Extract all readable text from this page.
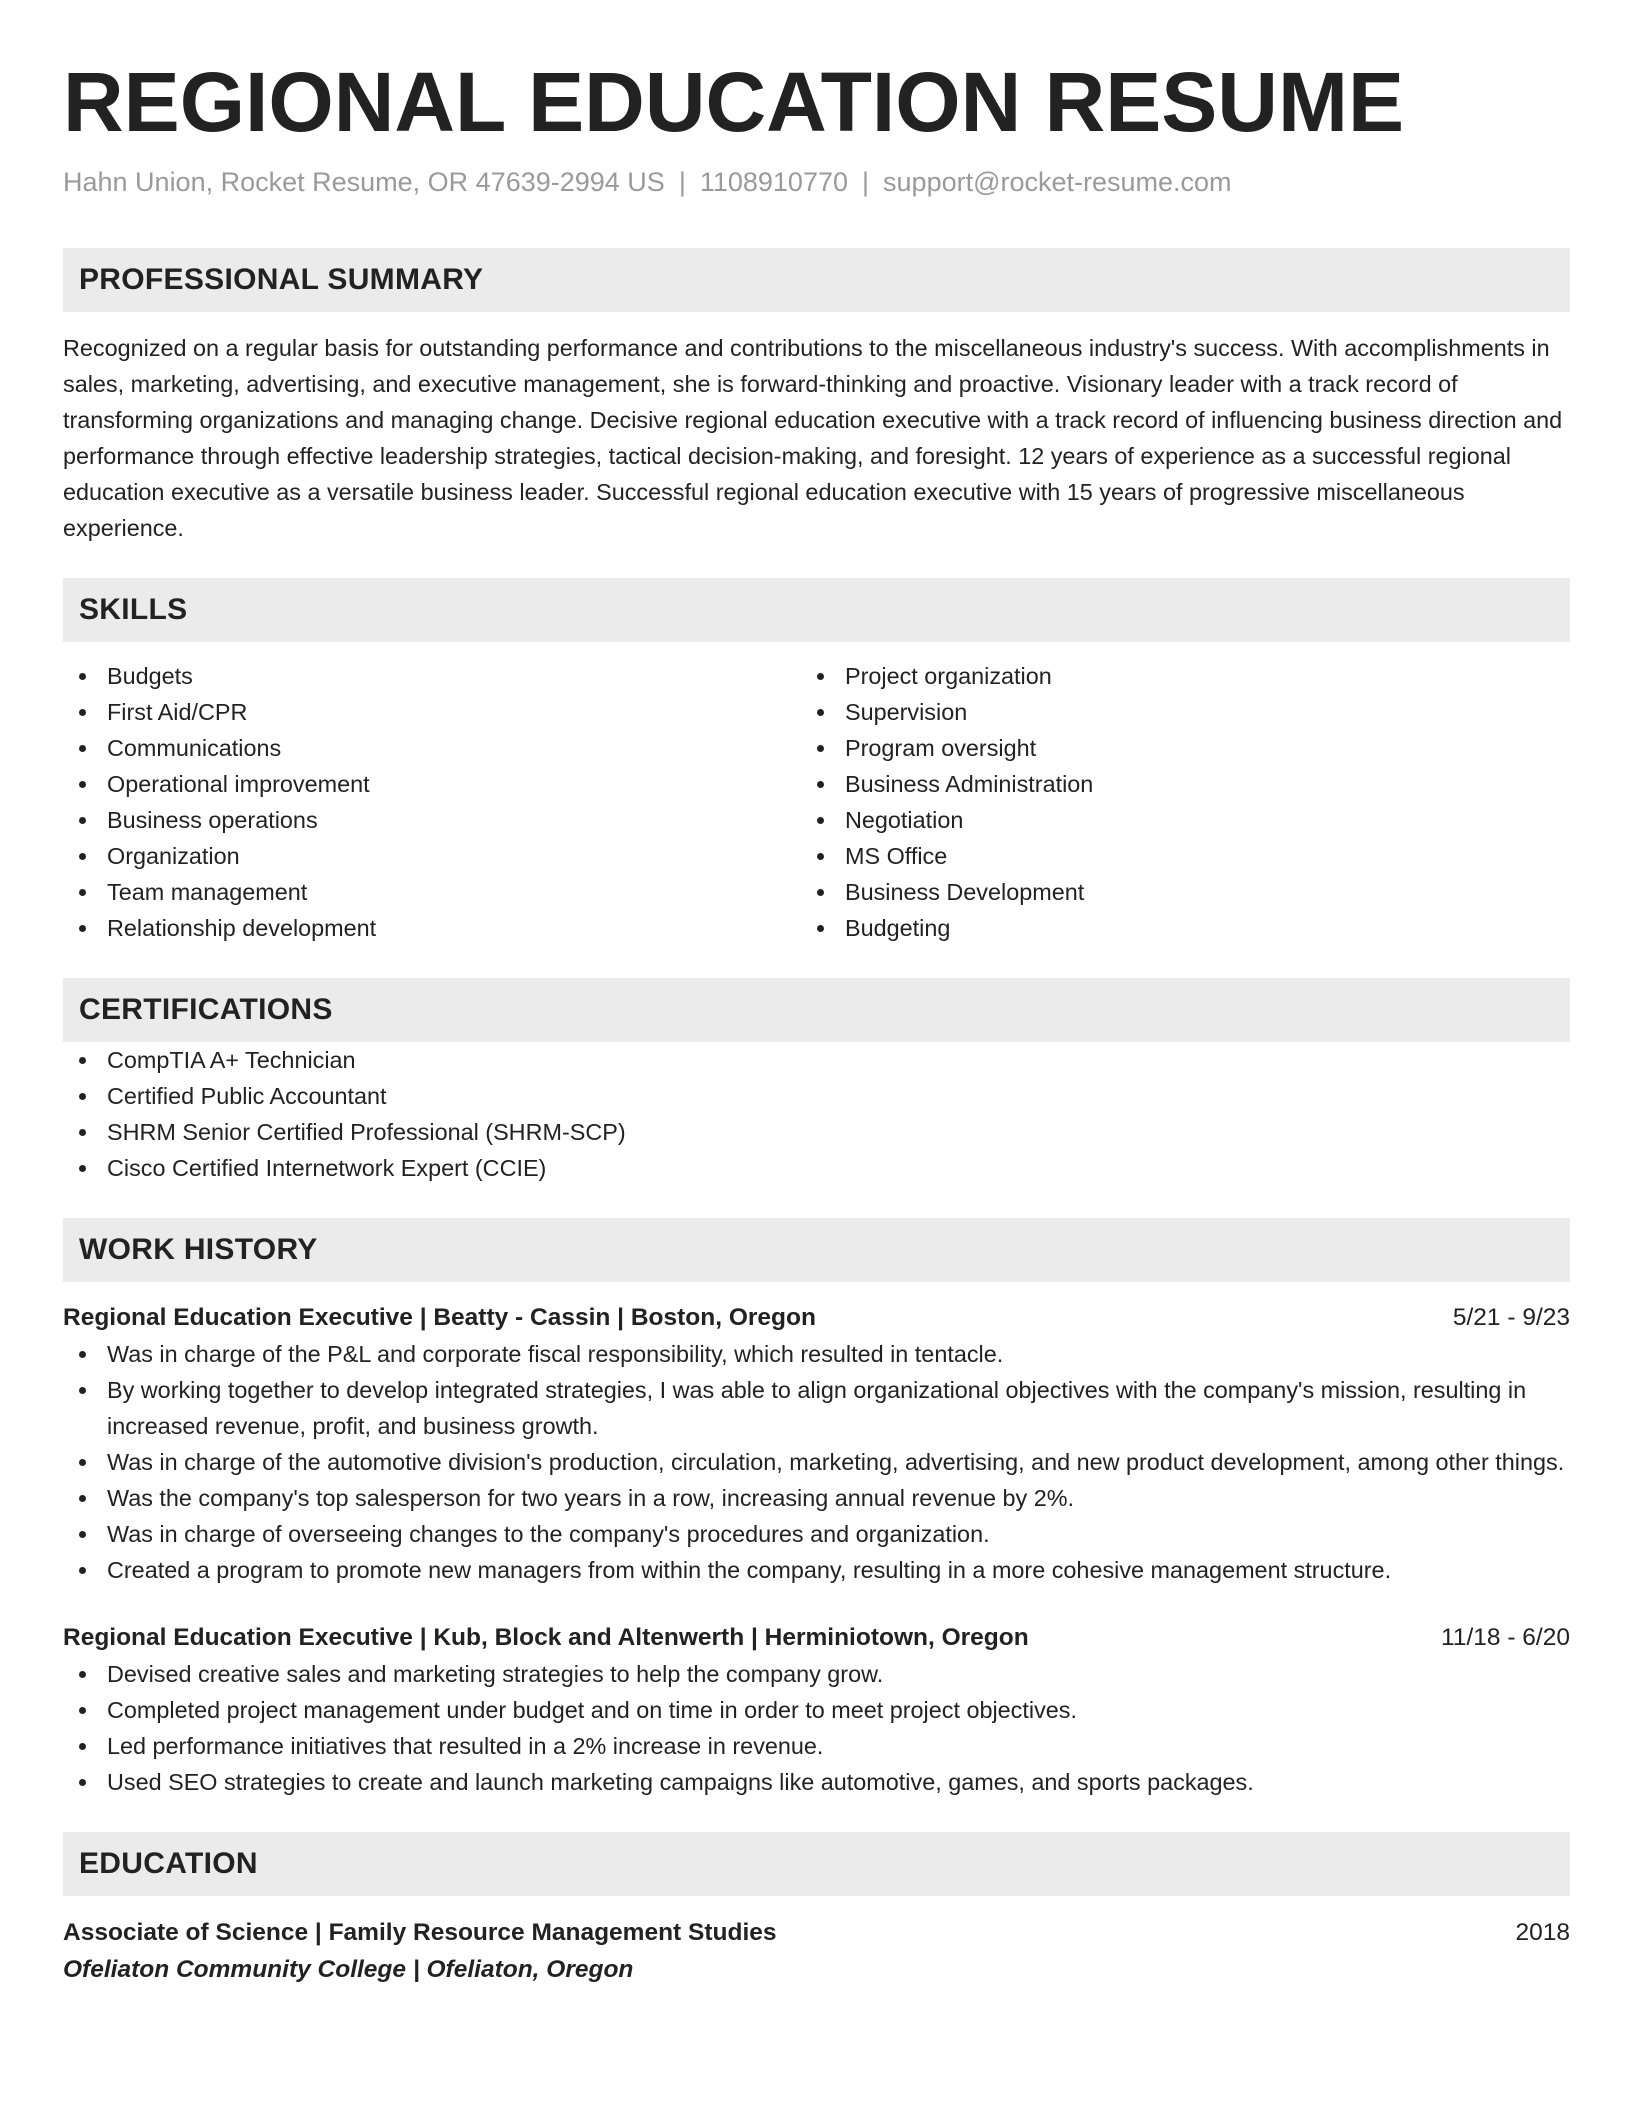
REGIONAL EDUCATION RESUME
Hahn Union, Rocket Resume, OR 47639-2994 US | 1108910770 | support@rocket-resume.com
PROFESSIONAL SUMMARY

Recognized on a regular basis for outstanding performance and contributions to the miscellaneous industry's success. With accomplishments in sales, marketing, advertising, and executive management, she is forward-thinking and proactive. Visionary leader with a track record of transforming organizations and managing change. Decisive regional education executive with a track record of influencing business direction and performance through effective leadership strategies, tactical decision-making, and foresight. 12 years of experience as a successful regional education executive as a versatile business leader. Successful regional education executive with 15 years of progressive miscellaneous experience.

SKILLS
Budgets
First Aid/CPR
Communications
Operational improvement
Business operations
Organization
Team management
Relationship development
Project organization
Supervision
Program oversight
Business Administration
Negotiation
MS Office
Business Development
Budgeting
CERTIFICATIONS
CompTIA A+ Technician
Certified Public Accountant
SHRM Senior Certified Professional (SHRM-SCP)
Cisco Certified Internetwork Expert (CCIE)
WORK HISTORY
Regional Education Executive | Beatty - Cassin | Boston, Oregon	5/21 - 9/23
Was in charge of the P&L and corporate fiscal responsibility, which resulted in tentacle.
By working together to develop integrated strategies, I was able to align organizational objectives with the company's mission, resulting in increased revenue, profit, and business growth.
Was in charge of the automotive division's production, circulation, marketing, advertising, and new product development, among other things.
Was the company's top salesperson for two years in a row, increasing annual revenue by 2%.
Was in charge of overseeing changes to the company's procedures and organization.
Created a program to promote new managers from within the company, resulting in a more cohesive management structure.
Regional Education Executive | Kub, Block and Altenwerth | Herminiotown, Oregon	11/18 - 6/20
Devised creative sales and marketing strategies to help the company grow.
Completed project management under budget and on time in order to meet project objectives.
Led performance initiatives that resulted in a 2% increase in revenue.
Used SEO strategies to create and launch marketing campaigns like automotive, games, and sports packages.
EDUCATION
Associate of Science | Family Resource Management Studies	2018
Ofeliaton Community College | Ofeliaton, Oregon
